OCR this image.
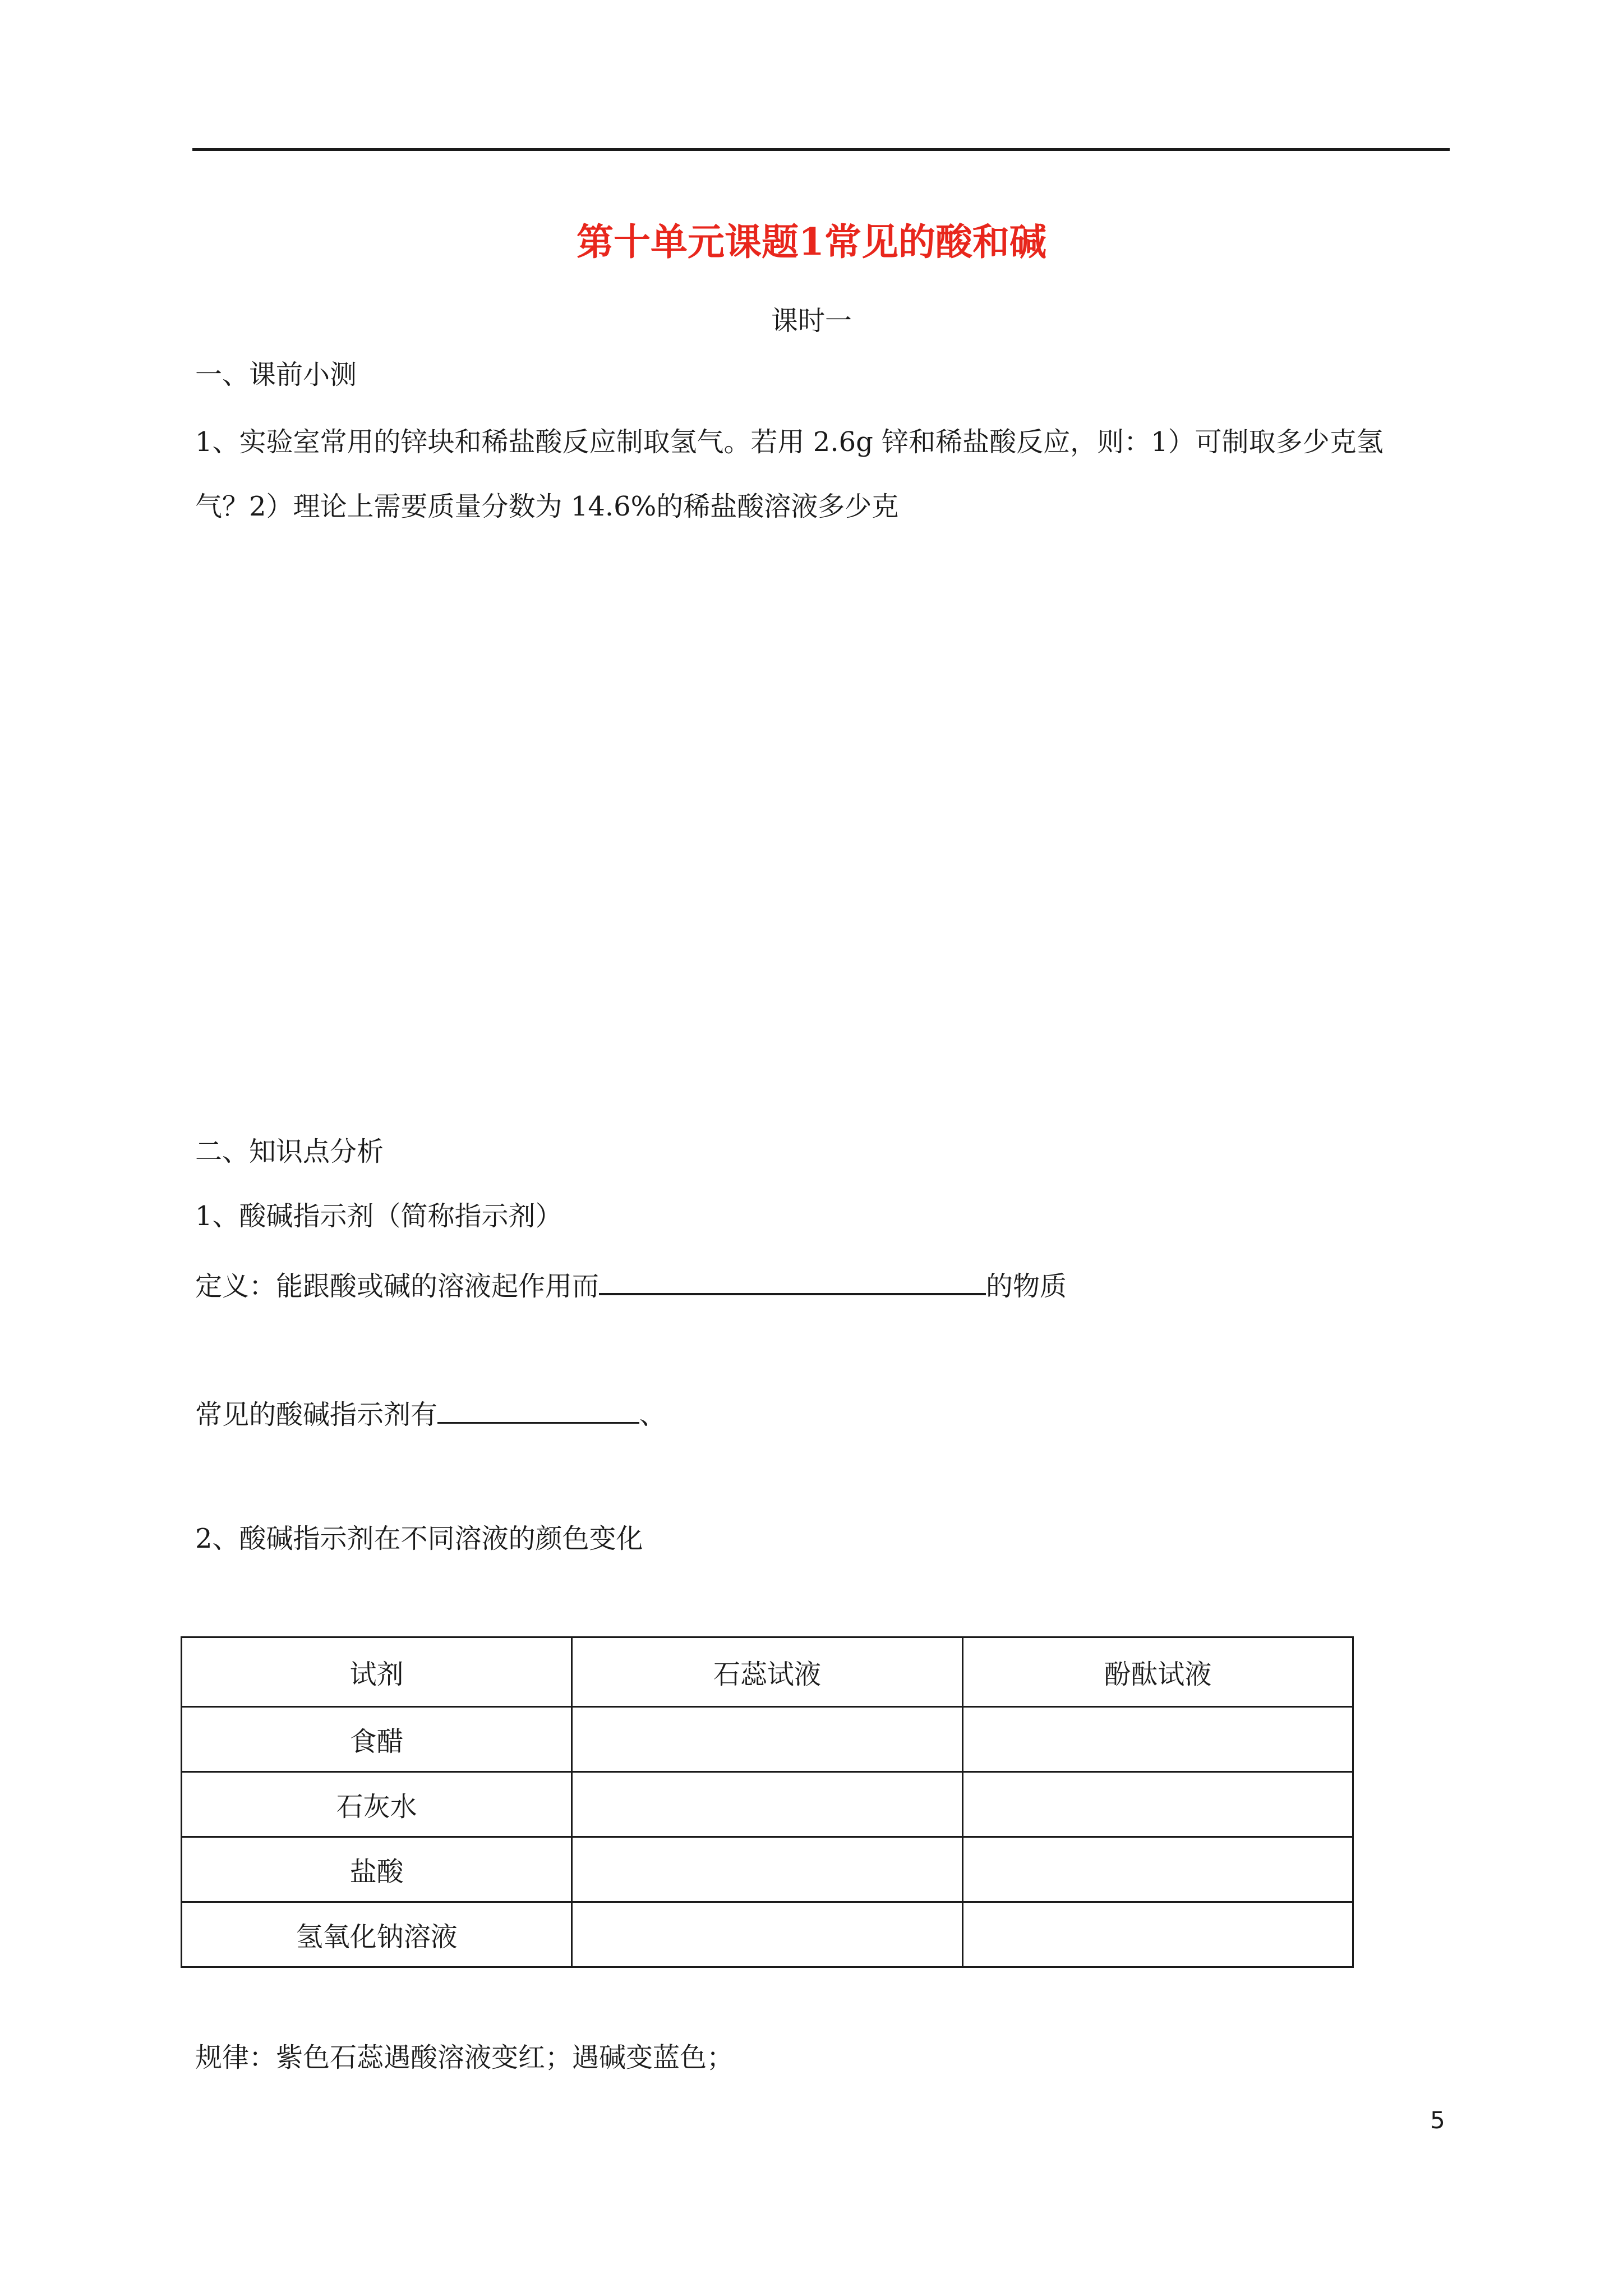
第十单元课题1常见的酸和碱
课时一
一、课前小测
1、实验室常用的锌块和稀盐酸反应制取氢气。若用 2.6g 锌和稀盐酸反应，则：1）可制取多少克氢
气？2）理论上需要质量分数为 14.6%的稀盐酸溶液多少克
二、知识点分析
1、酸碱指示剂（简称指示剂）
定义：能跟酸或碱的溶液起作用而	的物质
常见的酸碱指示剂有	、
2、酸碱指示剂在不同溶液的颜色变化
试剂	石蕊试液	酚酞试液
食醋		
石灰水		
盐酸		
氢氧化钠溶液		
规律：紫色石蕊遇酸溶液变红；遇碱变蓝色；
5
